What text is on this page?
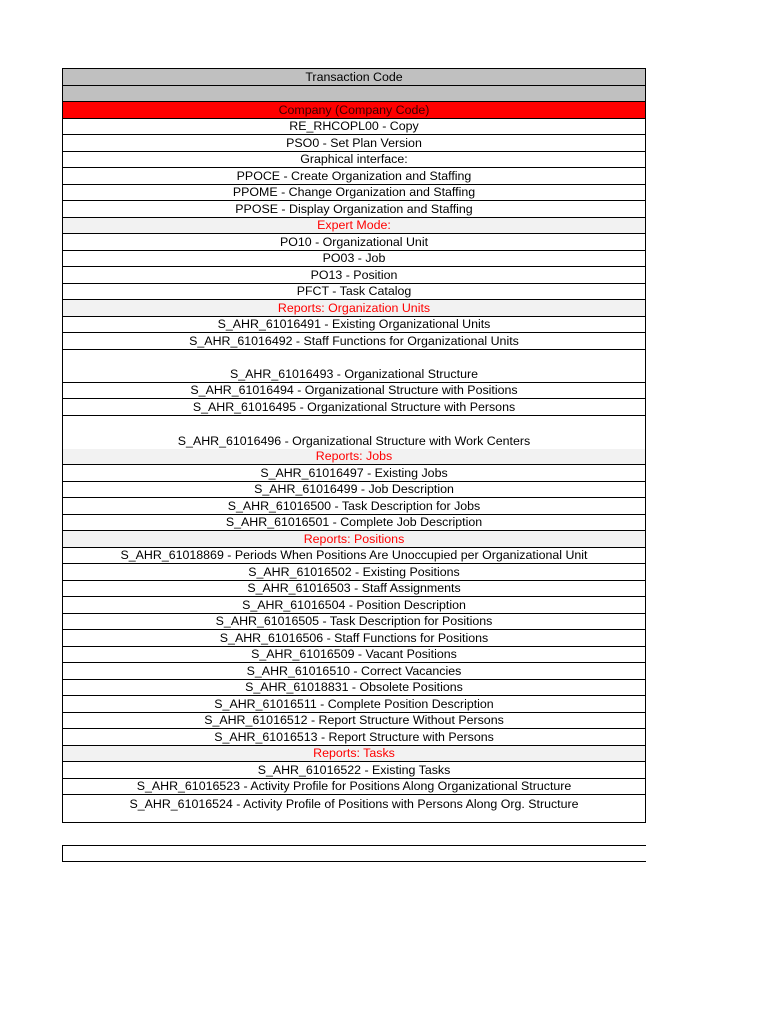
Transaction Code
Company (Company Code)
RE_RHCOPL00 - Copy
PSO0 - Set Plan Version
Graphical interface:
PPOCE - Create Organization and Staffing
PPOME - Change Organization and Staffing
PPOSE - Display Organization and Staffing
Expert Mode:
PO10 - Organizational Unit
PO03 - Job
PO13 - Position
PFCT - Task Catalog
Reports: Organization Units
S_AHR_61016491 - Existing Organizational Units
S_AHR_61016492 - Staff Functions for Organizational Units
S_AHR_61016493 - Organizational Structure
S_AHR_61016494 - Organizational Structure with Positions
S_AHR_61016495 - Organizational Structure with Persons
S_AHR_61016496 - Organizational Structure with Work Centers
Reports: Jobs
S_AHR_61016497 - Existing Jobs
S_AHR_61016499 - Job Description
S_AHR_61016500 - Task Description for Jobs
S_AHR_61016501 - Complete Job Description
Reports: Positions
S_AHR_61018869 - Periods When Positions Are Unoccupied per Organizational Unit
S_AHR_61016502 - Existing Positions
S_AHR_61016503 - Staff Assignments
S_AHR_61016504 - Position Description
S_AHR_61016505 - Task Description for Positions
S_AHR_61016506 - Staff Functions for Positions
S_AHR_61016509 - Vacant Positions
S_AHR_61016510 - Correct Vacancies
S_AHR_61018831 - Obsolete Positions
S_AHR_61016511 - Complete Position Description
S_AHR_61016512 - Report Structure Without Persons
S_AHR_61016513 - Report Structure with Persons
Reports: Tasks
S_AHR_61016522 - Existing Tasks
S_AHR_61016523 - Activity Profile for Positions Along Organizational Structure
S_AHR_61016524 - Activity Profile of Positions with Persons Along Org. Structure
